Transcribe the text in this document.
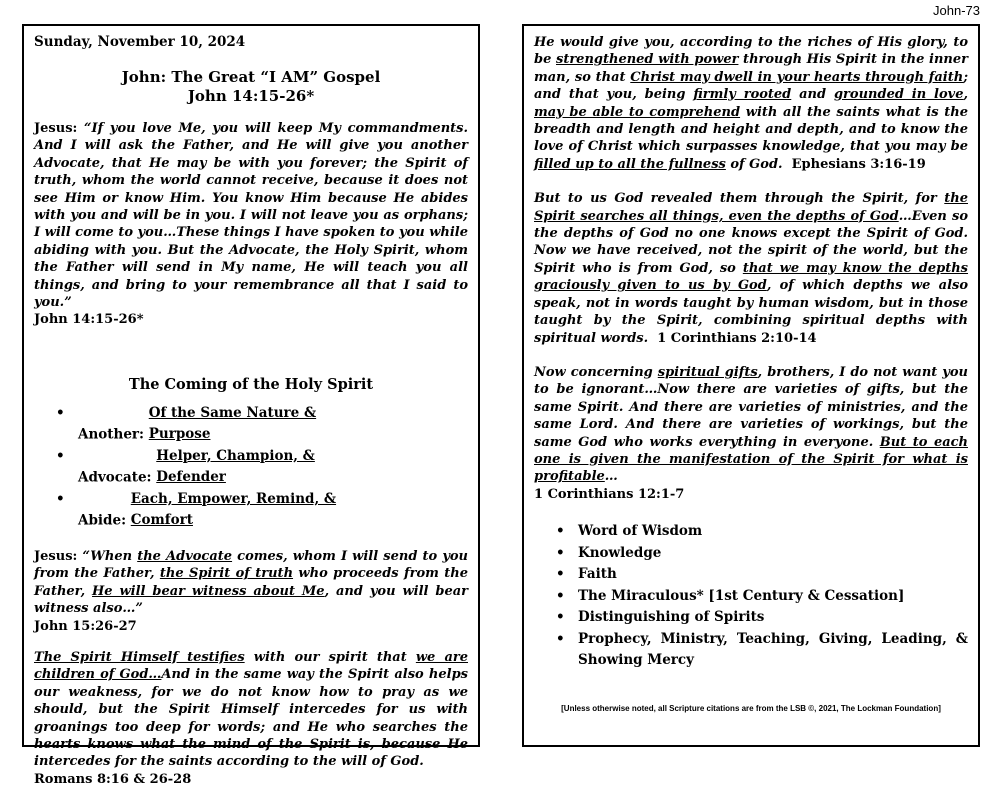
John-73
Sunday, November 10, 2024
John: The Great “I AM” Gospel
John 14:15-26*
Jesus: “If you love Me, you will keep My commandments. And I will ask the Father, and He will give you another Advocate, that He may be with you forever; the Spirit of truth, whom the world cannot receive, because it does not see Him or know Him. You know Him because He abides with you and will be in you. I will not leave you as orphans; I will come to you…These things I have spoken to you while abiding with you. But the Advocate, the Holy Spirit, whom the Father will send in My name, He will teach you all things, and bring to your remembrance all that I said to you.”
John 14:15-26*
The Coming of the Holy Spirit
•
Another: Of the Same Nature & Purpose
•
Advocate: Helper, Champion, & Defender
•
Abide: Each, Empower, Remind, & Comfort
Jesus: “When the Advocate comes, whom I will send to you from the Father, the Spirit of truth who proceeds from the Father, He will bear witness about Me, and you will bear witness also…”
John 15:26-27
The Spirit Himself testifies with our spirit that we are children of God…And in the same way the Spirit also helps our weakness, for we do not know how to pray as we should, but the Spirit Himself intercedes for us with groanings too deep for words; and He who searches the hearts knows what the mind of the Spirit is, because He intercedes for the saints according to the will of God.
Romans 8:16 & 26-28
He would give you, according to the riches of His glory, to be strengthened with power through His Spirit in the inner man, so that Christ may dwell in your hearts through faith; and that you, being firmly rooted and grounded in love, may be able to comprehend with all the saints what is the breadth and length and height and depth, and to know the love of Christ which surpasses knowledge, that you may be filled up to all the fullness of God. Ephesians 3:16-19
But to us God revealed them through the Spirit, for the Spirit searches all things, even the depths of God…Even so the depths of God no one knows except the Spirit of God. Now we have received, not the spirit of the world, but the Spirit who is from God, so that we may know the depths graciously given to us by God, of which depths we also speak, not in words taught by human wisdom, but in those taught by the Spirit, combining spiritual depths with spiritual words. 1 Corinthians 2:10-14
Now concerning spiritual gifts, brothers, I do not want you to be ignorant…Now there are varieties of gifts, but the same Spirit. And there are varieties of ministries, and the same Lord. And there are varieties of workings, but the same God who works everything in everyone. But to each one is given the manifestation of the Spirit for what is profitable…
1 Corinthians 12:1-7
• Word of Wisdom
• Knowledge
• Faith
• The Miraculous* [1st Century & Cessation]
• Distinguishing of Spirits
• Prophecy, Ministry, Teaching, Giving, Leading, & Showing Mercy
[Unless otherwise noted, all Scripture citations are from the LSB ©, 2021, The Lockman Foundation]
